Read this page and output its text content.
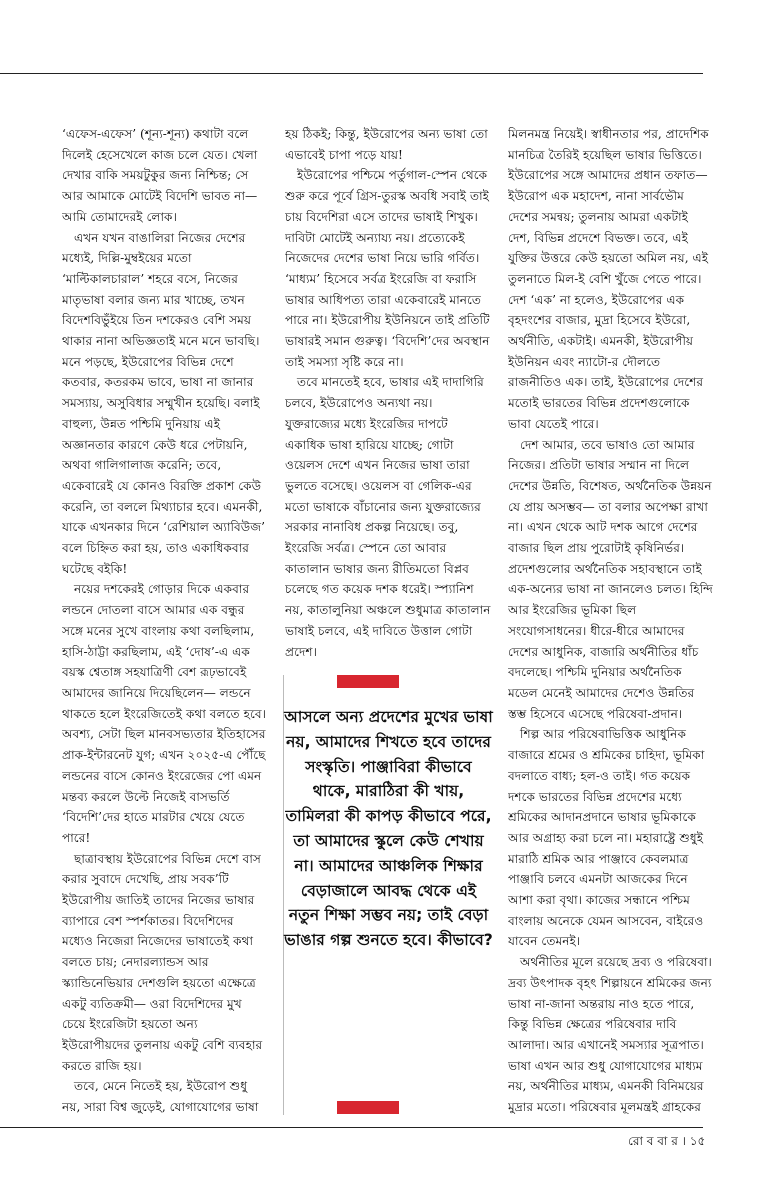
‘এফেস-এফেস’ (শূন্য-শূন্য) কথাটা বলে দিলেই হেসেখেলে কাজ চলে যেত। খেলা দেখার বাকি সময়টুকুর জন্য নিশ্চিন্ত; সে আর আমাকে মোটেই বিদেশি ভাবত না— আমি তোমাদেরই লোক।

এখন যখন বাঙালিরা নিজের দেশের মধ্যেই, দিল্লি-মুম্বইয়ের মতো ‘মাল্টিকালচারাল’ শহরে বসে, নিজের মাতৃভাষা বলার জন্য মার খাচ্ছে, তখন বিদেশবিভুঁইয়ে তিন দশকেরও বেশি সময় থাকার নানা অভিজ্ঞতাই মনে মনে ভাবছি। মনে পড়ছে, ইউরোপের বিভিন্ন দেশে কতবার, কতরকম ভাবে, ভাষা না জানার সমস্যায়, অসুবিধার সম্মুখীন হয়েছি। বলাই বাহুল্য, উন্নত পশ্চিমি দুনিয়ায় এই অজ্ঞানতার কারণে কেউ ধরে পেটায়নি, অথবা গালিগালাজ করেনি; তবে, একেবারেই যে কোনও বিরক্তি প্রকাশ কেউ করেনি, তা বললে মিথ্যাচার হবে। এমনকী, যাকে এখনকার দিনে ‘রেশিয়াল অ্যাবিউজ’ বলে চিহ্নিত করা হয়, তাও একাধিকবার ঘটেছে বইকি!

নয়ের দশকেরই গোড়ার দিকে একবার লন্ডনে দোতলা বাসে আমার এক বন্ধুর সঙ্গে মনের সুখে বাংলায় কথা বলছিলাম, হাসি-ঠাট্টা করছিলাম, এই ‘দোষ’-এ এক বয়স্ক শ্বেতাঙ্গ সহযাত্রিণী বেশ রূঢ়ভাবেই আমাদের জানিয়ে দিয়েছিলেন— লন্ডনে থাকতে হলে ইংরেজিতেই কথা বলতে হবে। অবশ্য, সেটা ছিল মানবসভ্যতার ইতিহাসের প্রাক-ইন্টারনেট যুগ; এখন ২০২৫-এ পৌঁছে লন্ডনের বাসে কোনও ইংরেজের পো এমন মন্তব্য করলে উল্টে নিজেই বাসভর্তি ‘বিদেশি’দের হাতে মারটার খেয়ে যেতে পারে!

ছাত্রাবস্থায় ইউরোপের বিভিন্ন দেশে বাস করার সুবাদে দেখেছি, প্রায় সবক’টি ইউরোপীয় জাতিই তাদের নিজের ভাষার ব্যাপারে বেশ স্পর্শকাতর। বিদেশিদের মধ্যেও নিজেরা নিজেদের ভাষাতেই কথা বলতে চায়; নেদারল্যান্ডস আর স্ক্যান্ডিনেভিয়ার দেশগুলি হয়তো এক্ষেত্রে একটু ব্যতিক্রমী— ওরা বিদেশিদের মুখ চেয়ে ইংরেজিটা হয়তো অন্য ইউরোপীয়দের তুলনায় একটু বেশি ব্যবহার করতে রাজি হয়।

তবে, মেনে নিতেই হয়, ইউরোপ শুধু নয়, সারা বিশ্ব জুড়েই, যোগাযোগের ভাষা

হয় ঠিকই; কিন্তু, ইউরোপের অন্য ভাষা তো এভাবেই চাপা পড়ে যায়!

ইউরোপের পশ্চিমে পর্তুগাল-স্পেন থেকে শুরু করে পূর্বে গ্রিস-তুরস্ক অবধি সবাই তাই চায় বিদেশিরা এসে তাদের ভাষাই শিখুক। দাবিটা মোটেই অন্যায্য নয়। প্রত্যেকেই নিজেদের দেশের ভাষা নিয়ে ভারি গর্বিত। ‘মাধ্যম’ হিসেবে সর্বত্র ইংরেজি বা ফরাসি ভাষার আধিপত্য তারা একেবারেই মানতে পারে না। ইউরোপীয় ইউনিয়নে তাই প্রতিটি ভাষারই সমান গুরুত্ব। ‘বিদেশি’দের অবস্থান তাই সমস্যা সৃষ্টি করে না।

তবে মানতেই হবে, ভাষার এই দাদাগিরি চলবে, ইউরোপেও অন্যথা নয়। যুক্তরাজ্যের মধ্যে ইংরেজির দাপটে একাধিক ভাষা হারিয়ে যাচ্ছে; গোটা ওয়েলস দেশে এখন নিজের ভাষা তারা ভুলতে বসেছে। ওয়েলস বা গেলিক-এর মতো ভাষাকে বাঁচানোর জন্য যুক্তরাজ্যের সরকার নানাবিধ প্রকল্প নিয়েছে। তবু, ইংরেজি সর্বত্র। স্পেনে তো আবার কাতালান ভাষার জন্য রীতিমতো বিপ্লব চলেছে গত কয়েক দশক ধরেই। স্প্যানিশ নয়, কাতালুনিয়া অঞ্চলে শুধুমাত্র কাতালান ভাষাই চলবে, এই দাবিতে উত্তাল গোটা প্রদেশ।

আসলে অন্য প্রদেশের মুখের ভাষা নয়, আমাদের শিখতে হবে তাদের সংস্কৃতি। পাঞ্জাবিরা কীভাবে থাকে, মারাঠিরা কী খায়, তামিলরা কী কাপড় কীভাবে পরে, তা আমাদের স্কুলে কেউ শেখায় না। আমাদের আঞ্চলিক শিক্ষার বেড়াজালে আবদ্ধ থেকে এই নতুন শিক্ষা সম্ভব নয়; তাই বেড়া ভাঙার গল্প শুনতে হবে। কীভাবে?

মিলনমন্ত্র নিয়েই। স্বাধীনতার পর, প্রাদেশিক মানচিত্র তৈরিই হয়েছিল ভাষার ভিত্তিতে। ইউরোপের সঙ্গে আমাদের প্রধান তফাত— ইউরোপ এক মহাদেশ, নানা সার্বভৌম দেশের সমন্বয়; তুলনায় আমরা একটাই দেশ, বিভিন্ন প্রদেশে বিভক্ত। তবে, এই যুক্তির উত্তরে কেউ হয়তো অমিল নয়, এই তুলনাতে মিল-ই বেশি খুঁজে পেতে পারে। দেশ ‘এক’ না হলেও, ইউরোপের এক বৃহদংশের বাজার, মুদ্রা হিসেবে ইউরো, অর্থনীতি, একটাই। এমনকী, ইউরোপীয় ইউনিয়ন এবং ন্যাটো-র দৌলতে রাজনীতিও এক। তাই, ইউরোপের দেশের মতোই ভারতের বিভিন্ন প্রদেশগুলোকে ভাবা যেতেই পারে।

দেশ আমার, তবে ভাষাও তো আমার নিজের। প্রতিটা ভাষার সম্মান না দিলে দেশের উন্নতি, বিশেষত, অর্থনৈতিক উন্নয়ন যে প্রায় অসম্ভব— তা বলার অপেক্ষা রাখা না। এখন থেকে আট দশক আগে দেশের বাজার ছিল প্রায় পুরোটাই কৃষিনির্ভর। প্রদেশগুলোর অর্থনৈতিক সহাবস্থানে তাই এক-অন্যের ভাষা না জানলেও চলত। হিন্দি আর ইংরেজির ভূমিকা ছিল সংযোগসাধনের। ধীরে-ধীরে আমাদের দেশের আধুনিক, বাজারি অর্থনীতির ধাঁচ বদলেছে। পশ্চিমি দুনিয়ার অর্থনৈতিক মডেল মেনেই আমাদের দেশেও উন্নতির স্তম্ভ হিসেবে এসেছে পরিষেবা-প্রদান।

শিল্প আর পরিষেবাভিত্তিক আধুনিক বাজারে শ্রমের ও শ্রমিকের চাহিদা, ভূমিকা বদলাতে বাধ্য; হল-ও তাই। গত কয়েক দশকে ভারতের বিভিন্ন প্রদেশের মধ্যে শ্রমিকের আদানপ্রদানে ভাষার ভূমিকাকে আর অগ্রাহ্য করা চলে না। মহারাষ্ট্রে শুধুই মারাঠি শ্রমিক আর পাঞ্জাবে কেবলমাত্র পাঞ্জাবি চলবে এমনটা আজকের দিনে আশা করা বৃথা। কাজের সন্ধানে পশ্চিম বাংলায় অনেকে যেমন আসবেন, বাইরেও যাবেন তেমনই।

অর্থনীতির মূলে রয়েছে দ্রব্য ও পরিষেবা। দ্রব্য উৎপাদক বৃহৎ শিল্পায়নে শ্রমিকের জন্য ভাষা না-জানা অন্তরায় নাও হতে পারে, কিন্তু বিভিন্ন ক্ষেত্রের পরিষেবার দাবি আলাদা। আর এখানেই সমস্যার সূত্রপাত। ভাষা এখন আর শুধু যোগাযোগের মাধ্যম নয়, অর্থনীতির মাধ্যম, এমনকী বিনিময়ের মুদ্রার মতো। পরিষেবার মূলমন্ত্রই গ্রাহকের

রো ব বা র । ১৫
